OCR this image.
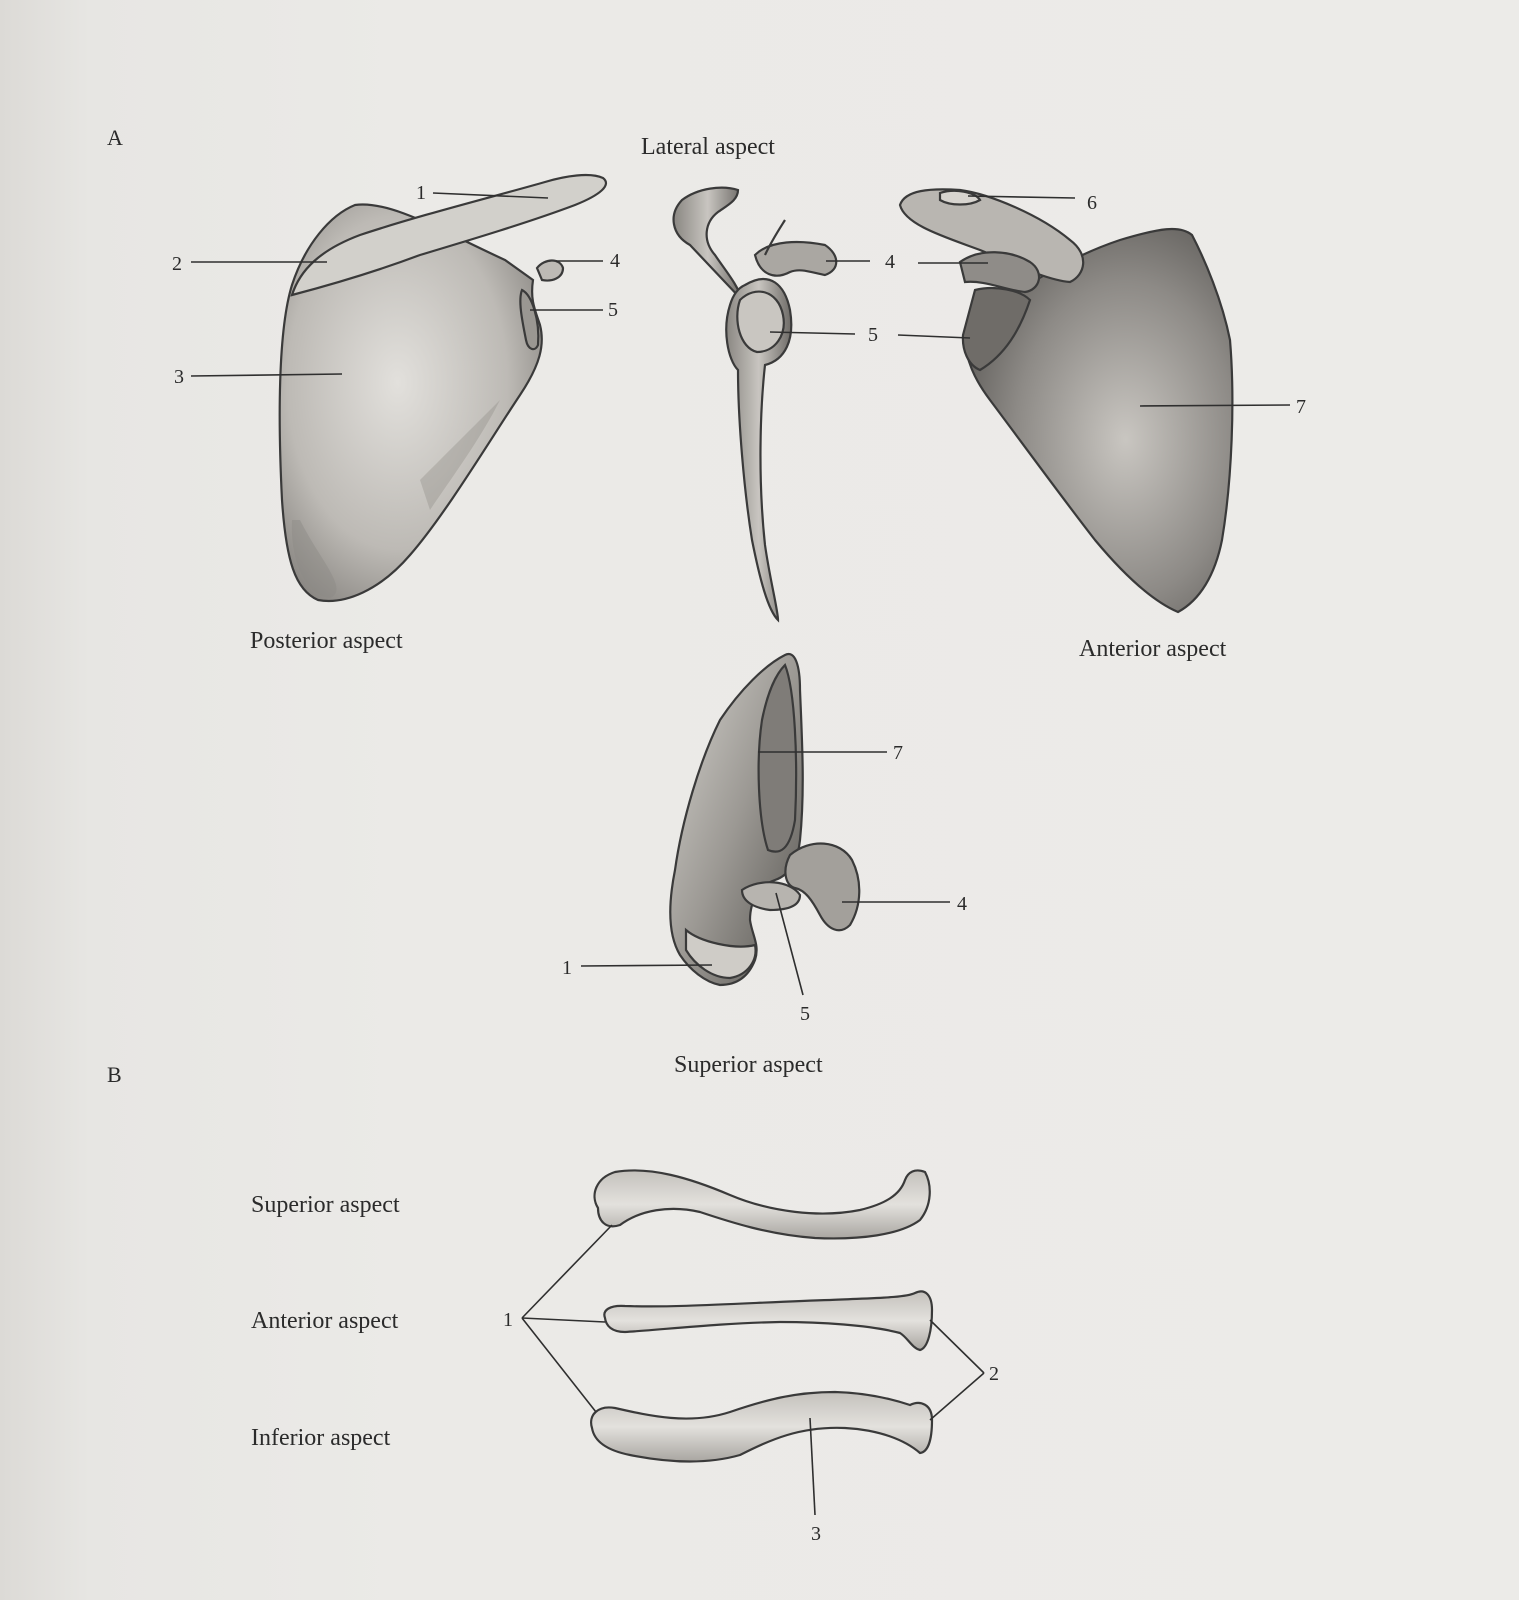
A	Lateral aspect
1
2
3
4
5
Posterior aspect
4
5
6
7
Anterior aspect
7
4
1
5
Superior aspect
B
Superior aspect
Anterior aspect
Inferior aspect
1
2
3
